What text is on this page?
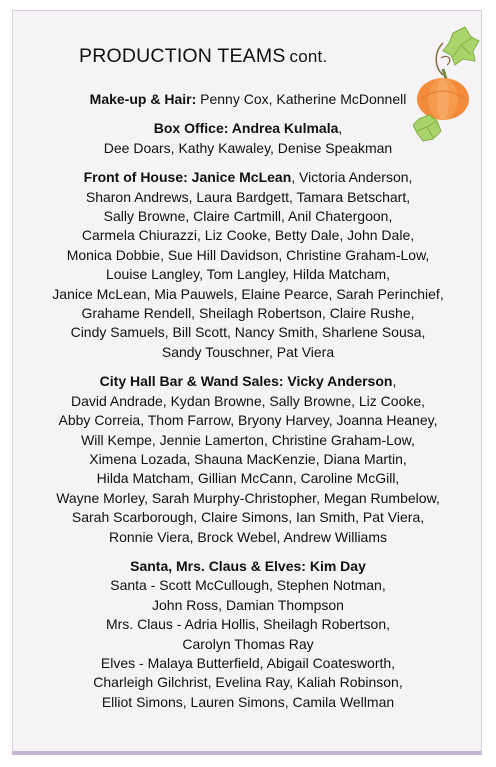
PRODUCTION TEAMS cont.
Make-up & Hair: Penny Cox, Katherine McDonnell
Box Office: Andrea Kulmala,
Dee Doars, Kathy Kawaley, Denise Speakman
Front of House: Janice McLean, Victoria Anderson,
Sharon Andrews, Laura Bardgett, Tamara Betschart,
Sally Browne, Claire Cartmill, Anil Chatergoon,
Carmela Chiurazzi, Liz Cooke, Betty Dale, John Dale,
Monica Dobbie, Sue Hill Davidson, Christine Graham-Low,
Louise Langley, Tom Langley, Hilda Matcham,
Janice McLean, Mia Pauwels, Elaine Pearce, Sarah Perinchief,
Grahame Rendell, Sheilagh Robertson, Claire Rushe,
Cindy Samuels, Bill Scott, Nancy Smith, Sharlene Sousa,
Sandy Touschner, Pat Viera
City Hall Bar & Wand Sales: Vicky Anderson,
David Andrade, Kydan Browne, Sally Browne, Liz Cooke,
Abby Correia, Thom Farrow, Bryony Harvey, Joanna Heaney,
Will Kempe, Jennie Lamerton, Christine Graham-Low,
Ximena Lozada, Shauna MacKenzie, Diana Martin,
Hilda Matcham, Gillian McCann, Caroline McGill,
Wayne Morley, Sarah Murphy-Christopher, Megan Rumbelow,
Sarah Scarborough, Claire Simons, Ian Smith, Pat Viera,
Ronnie Viera, Brock Webel, Andrew Williams
Santa, Mrs. Claus & Elves: Kim Day
Santa - Scott McCullough, Stephen Notman,
John Ross, Damian Thompson
Mrs. Claus - Adria Hollis, Sheilagh Robertson,
Carolyn Thomas Ray
Elves - Malaya Butterfield, Abigail Coatesworth,
Charleigh Gilchrist, Evelina Ray, Kaliah Robinson,
Elliot Simons, Lauren Simons, Camila Wellman
